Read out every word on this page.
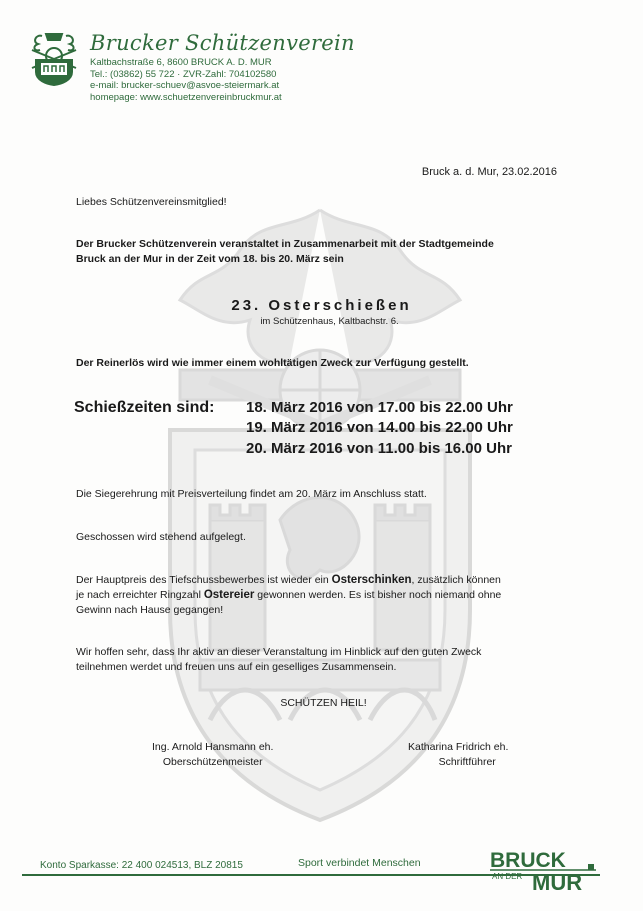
Brucker Schützenverein
Kaltbachstraße 6, 8600 BRUCK A. D. MUR
Tel.: (03862) 55 722 · ZVR-Zahl: 704102580
e-mail: brucker-schuev@asvoe-steiermark.at
homepage: www.schuetzenvereinbruckmur.at
Bruck a. d. Mur, 23.02.2016
Liebes Schützenvereinsmitglied!
Der Brucker Schützenverein veranstaltet in Zusammenarbeit mit der Stadtgemeinde
Bruck an der Mur in der Zeit vom 18. bis 20. März sein
23. Osterschießen
im Schützenhaus, Kaltbachstr. 6.
Der Reinerlös wird wie immer einem wohltätigen Zweck zur Verfügung gestellt.
Schießzeiten sind: 18. März 2016 von 17.00 bis 22.00 Uhr
19. März 2016 von 14.00 bis 22.00 Uhr
20. März 2016 von 11.00 bis 16.00 Uhr
Die Siegerehrung mit Preisverteilung findet am 20. März im Anschluss statt.
Geschossen wird stehend aufgelegt.
Der Hauptpreis des Tiefschussbewerbes ist wieder ein Osterschinken, zusätzlich können
je nach erreichter Ringzahl Ostereier gewonnen werden. Es ist bisher noch niemand ohne
Gewinn nach Hause gegangen!
Wir hoffen sehr, dass Ihr aktiv an dieser Veranstaltung im Hinblick auf den guten Zweck
teilnehmen werdet und freuen uns auf ein geselliges Zusammensein.
SCHÜTZEN HEIL!
Ing. Arnold Hansmann eh.
Oberschützenmeister
Katharina Fridrich eh.
Schriftführer
Konto Sparkasse: 22 400 024513, BLZ 20815	Sport verbindet Menschen	BRUCK
AN DER MUR
